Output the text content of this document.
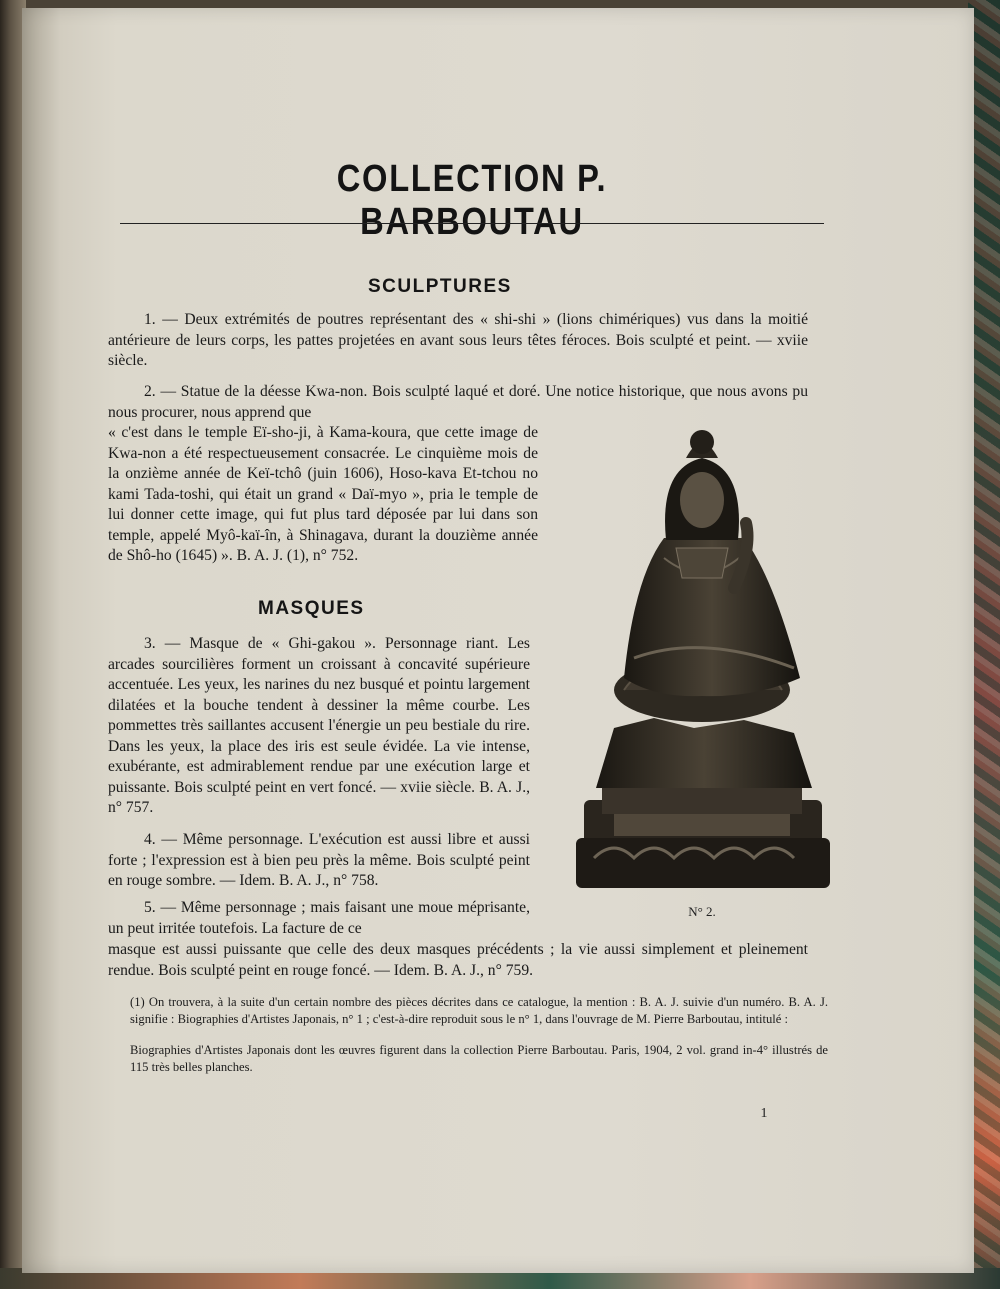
COLLECTION P. BARBOUTAU
SCULPTURES

1. — Deux extrémités de poutres représentant des « shi-shi » (lions chimériques) vus dans la moitié antérieure de leurs corps, les pattes projetées en avant sous leurs têtes féroces. Bois sculpté et peint. — xviie siècle.

2. — Statue de la déesse Kwa-non. Bois sculpté laqué et doré. Une notice historique, que nous avons pu nous procurer, nous apprend que

« c'est dans le temple Eï-sho-ji, à Kama-koura, que cette image de Kwa-non a été respectueusement consacrée. Le cinquième mois de la onzième année de Keï-tchô (juin 1606), Hoso-kava Et-tchou no kami Tada-toshi, qui était un grand « Daï-myo », pria le temple de lui donner cette image, qui fut plus tard déposée par lui dans son temple, appelé Myô-kaï-în, à Shinagava, durant la douzième année de Shô-ho (1645) ». B. A. J. (1), n° 752.

MASQUES

3. — Masque de « Ghi-gakou ». Personnage riant. Les arcades sourcilières forment un croissant à concavité supérieure accentuée. Les yeux, les narines du nez busqué et pointu largement dilatées et la bouche tendent à dessiner la même courbe. Les pommettes très saillantes accusent l'énergie un peu bestiale du rire. Dans les yeux, la place des iris est seule évidée. La vie intense, exubérante, est admirablement rendue par une exécution large et puissante. Bois sculpté peint en vert foncé. — xviie siècle. B. A. J., n° 757.

4. — Même personnage. L'exécution est aussi libre et aussi forte ; l'expression est à bien peu près la même. Bois sculpté peint en rouge sombre. — Idem. B. A. J., n° 758.

5. — Même personnage ; mais faisant une moue méprisante, un peut irritée toutefois. La facture de ce

masque est aussi puissante que celle des deux masques précédents ; la vie aussi simplement et pleinement rendue. Bois sculpté peint en rouge foncé. — Idem. B. A. J., n° 759.

N° 2.

(1) On trouvera, à la suite d'un certain nombre des pièces décrites dans ce catalogue, la mention : B. A. J. suivie d'un numéro. B. A. J. signifie : Biographies d'Artistes Japonais, n° 1 ; c'est-à-dire reproduit sous le n° 1, dans l'ouvrage de M. Pierre Barboutau, intitulé :

Biographies d'Artistes Japonais dont les œuvres figurent dans la collection Pierre Barboutau. Paris, 1904, 2 vol. grand in-4° illustrés de 115 très belles planches.

1
